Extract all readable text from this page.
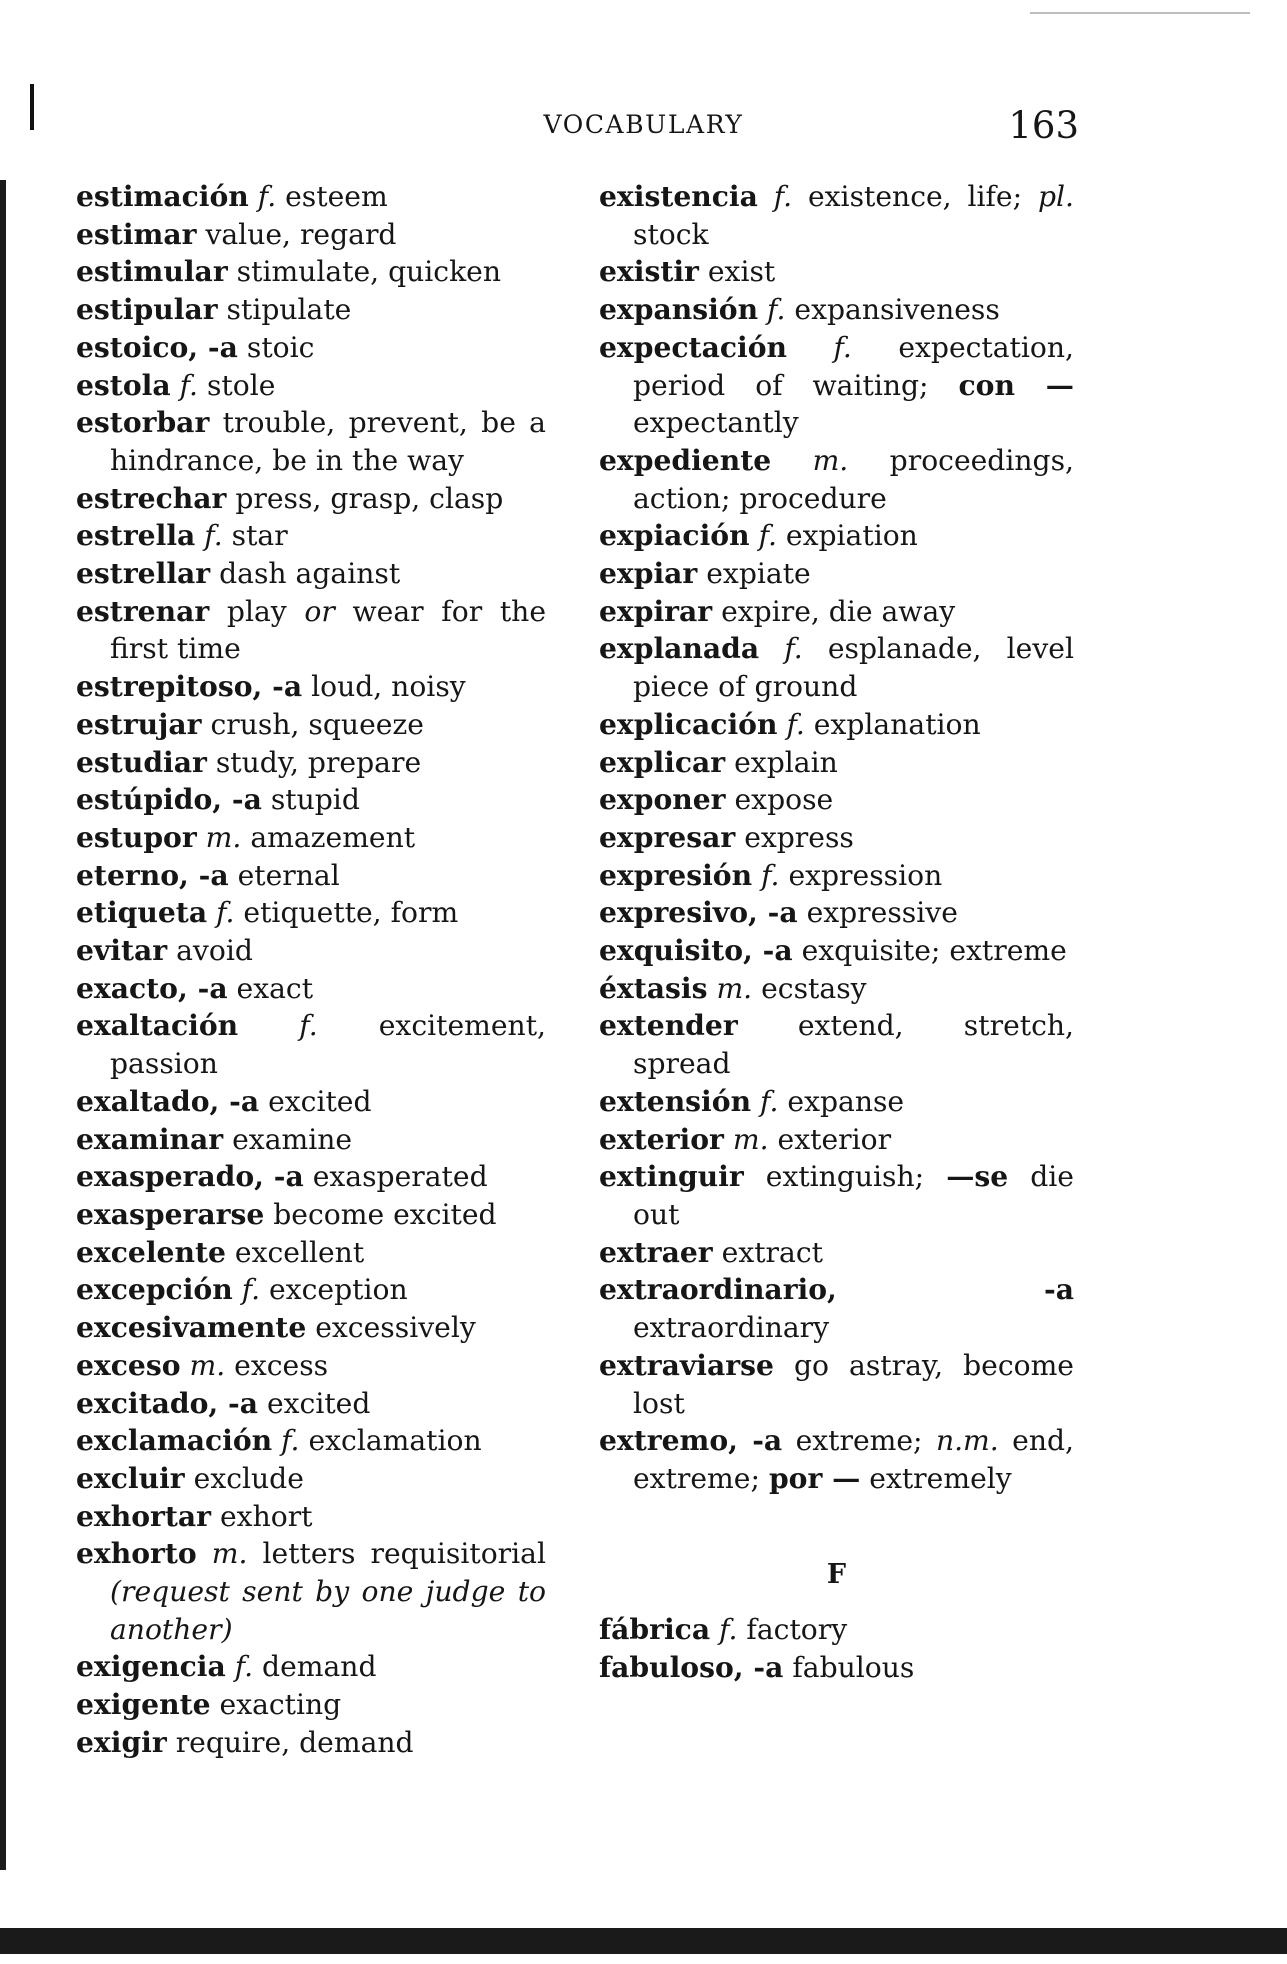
VOCABULARY	163
estimación f. esteem
estimar value, regard
estimular stimulate, quicken
estipular stipulate
estoico, -a stoic
estola f. stole
estorbar trouble, prevent, be a hindrance, be in the way
estrechar press, grasp, clasp
estrella f. star
estrellar dash against
estrenar play or wear for the first time
estrepitoso, -a loud, noisy
estrujar crush, squeeze
estudiar study, prepare
estúpido, -a stupid
estupor m. amazement
eterno, -a eternal
etiqueta f. etiquette, form
evitar avoid
exacto, -a exact
exaltación f. excitement, passion
exaltado, -a excited
examinar examine
exasperado, -a exasperated
exasperarse become excited
excelente excellent
excepción f. exception
excesivamente excessively
exceso m. excess
excitado, -a excited
exclamación f. exclamation
excluir exclude
exhortar exhort
exhorto m. letters requisitorial (request sent by one judge to another)
exigencia f. demand
exigente exacting
exigir require, demand
existencia f. existence, life; pl. stock
existir exist
expansión f. expansiveness
expectación f. expectation, period of waiting; con — expectantly
expediente m. proceedings, action; procedure
expiación f. expiation
expiar expiate
expirar expire, die away
explanada f. esplanade, level piece of ground
explicación f. explanation
explicar explain
exponer expose
expresar express
expresión f. expression
expresivo, -a expressive
exquisito, -a exquisite; extreme
éxtasis m. ecstasy
extender extend, stretch, spread
extensión f. expanse
exterior m. exterior
extinguir extinguish; —se die out
extraer extract
extraordinario, -a extraordinary
extraviarse go astray, become lost
extremo, -a extreme; n.m. end, extreme; por — extremely
F
fábrica f. factory
fabuloso, -a fabulous
